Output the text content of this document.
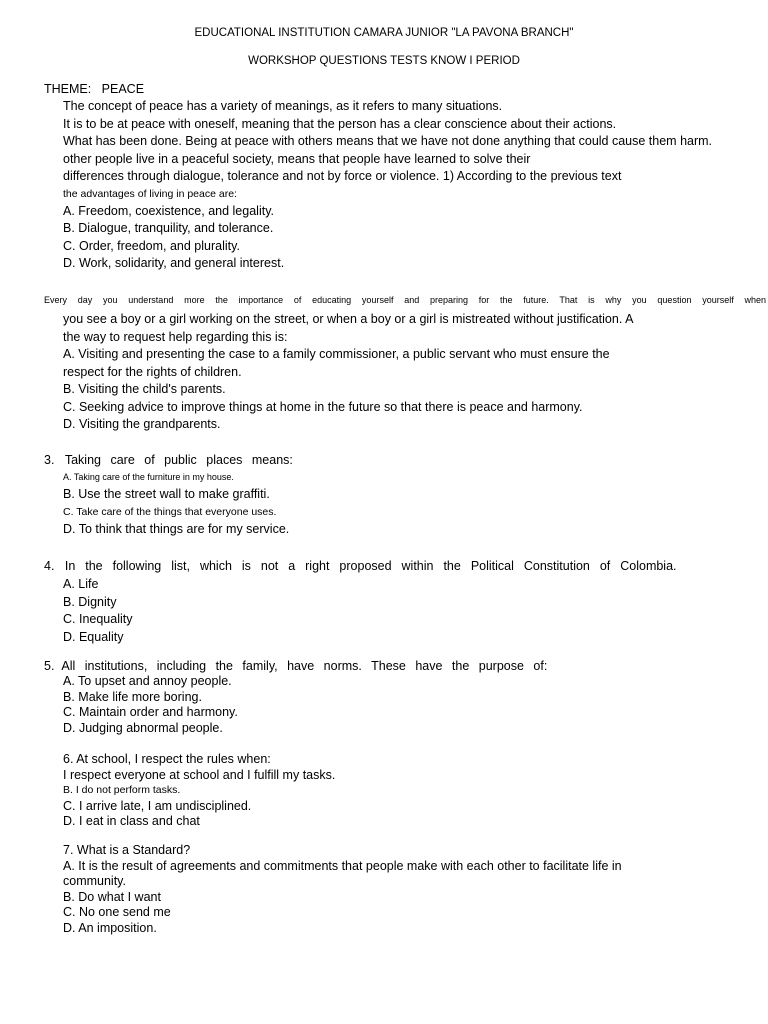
EDUCATIONAL INSTITUTION CAMARA JUNIOR "LA PAVONA BRANCH"
WORKSHOP QUESTIONS TESTS KNOW I PERIOD
THEME: PEACE
The concept of peace has a variety of meanings, as it refers to many situations.
It is to be at peace with oneself, meaning that the person has a clear conscience about their actions.
What has been done. Being at peace with others means that we have not done anything that could cause them harm.
other people live in a peaceful society, means that people have learned to solve their
differences through dialogue, tolerance and not by force or violence. 1) According to the previous text
the advantages of living in peace are:
A. Freedom, coexistence, and legality.
B. Dialogue, tranquility, and tolerance.
C. Order, freedom, and plurality.
D. Work, solidarity, and general interest.
Every day you understand more the importance of educating yourself and preparing for the future. That is why you question yourself when
you see a boy or a girl working on the street, or when a boy or a girl is mistreated without justification. A
the way to request help regarding this is:
A. Visiting and presenting the case to a family commissioner, a public servant who must ensure the
respect for the rights of children.
B. Visiting the child's parents.
C. Seeking advice to improve things at home in the future so that there is peace and harmony.
D. Visiting the grandparents.
3. Taking care of public places means:
A. Taking care of the furniture in my house.
B. Use the street wall to make graffiti.
C. Take care of the things that everyone uses.
D. To think that things are for my service.
4. In the following list, which is not a right proposed within the Political Constitution of Colombia.
A. Life
B. Dignity
C. Inequality
D. Equality
5. All institutions, including the family, have norms. These have the purpose of:
A. To upset and annoy people.
B. Make life more boring.
C. Maintain order and harmony.
D. Judging abnormal people.
6. At school, I respect the rules when:
I respect everyone at school and I fulfill my tasks.
B. I do not perform tasks.
C. I arrive late, I am undisciplined.
D. I eat in class and chat
7. What is a Standard?
A. It is the result of agreements and commitments that people make with each other to facilitate life in
community.
B. Do what I want
C. No one send me
D. An imposition.
